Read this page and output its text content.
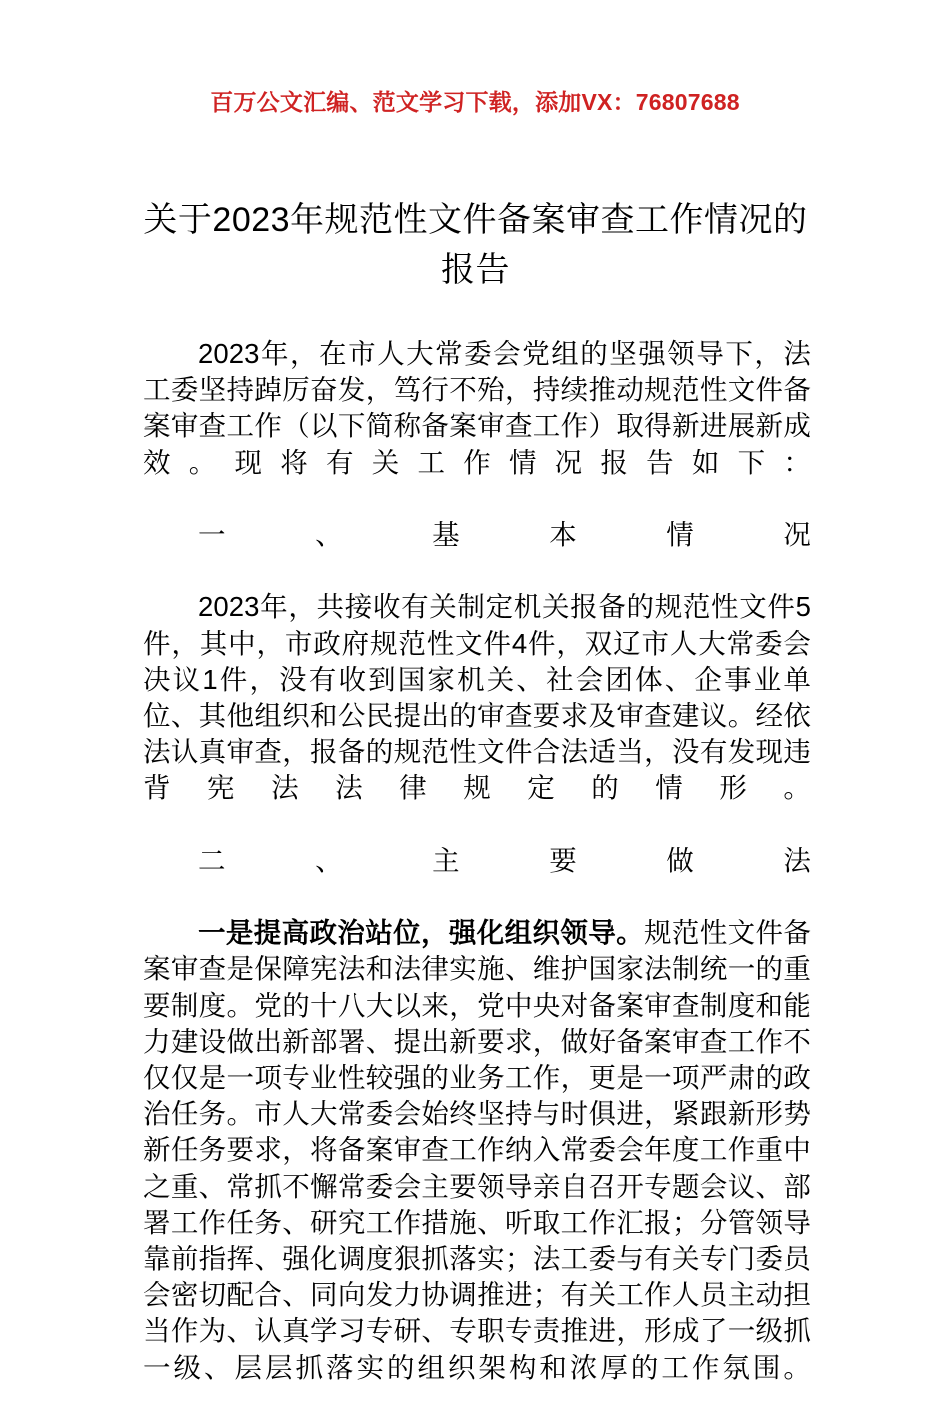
百万公文汇编、范文学习下载，添加VX：76807688
关于2023年规范性文件备案审查工作情况的报告

2023年，在市人大常委会党组的坚强领导下，法工委坚持踔厉奋发，笃行不殆，持续推动规范性文件备案审查工作（以下简称备案审查工作）取得新进展新成效。现将有关工作情况报告如下：

一、基本情况

2023年，共接收有关制定机关报备的规范性文件5件，其中，市政府规范性文件4件，双辽市人大常委会决议1件，没有收到国家机关、社会团体、企事业单位、其他组织和公民提出的审查要求及审查建议。经依法认真审查，报备的规范性文件合法适当，没有发现违背宪法法律规定的情形。

二、主要做法

一是提高政治站位，强化组织领导。规范性文件备案审查是保障宪法和法律实施、维护国家法制统一的重要制度。党的十八大以来，党中央对备案审查制度和能力建设做出新部署、提出新要求，做好备案审查工作不仅仅是一项专业性较强的业务工作，更是一项严肃的政治任务。市人大常委会始终坚持与时俱进，紧跟新形势新任务要求，将备案审查工作纳入常委会年度工作重中之重、常抓不懈常委会主要领导亲自召开专题会议、部署工作任务、研究工作措施、听取工作汇报；分管领导靠前指挥、强化调度狠抓落实；法工委与有关专门委员会密切配合、同向发力协调推进；有关工作人员主动担当作为、认真学习专研、专职专责推进，形成了一级抓一级、层层抓落实的组织架构和浓厚的工作氛围。
